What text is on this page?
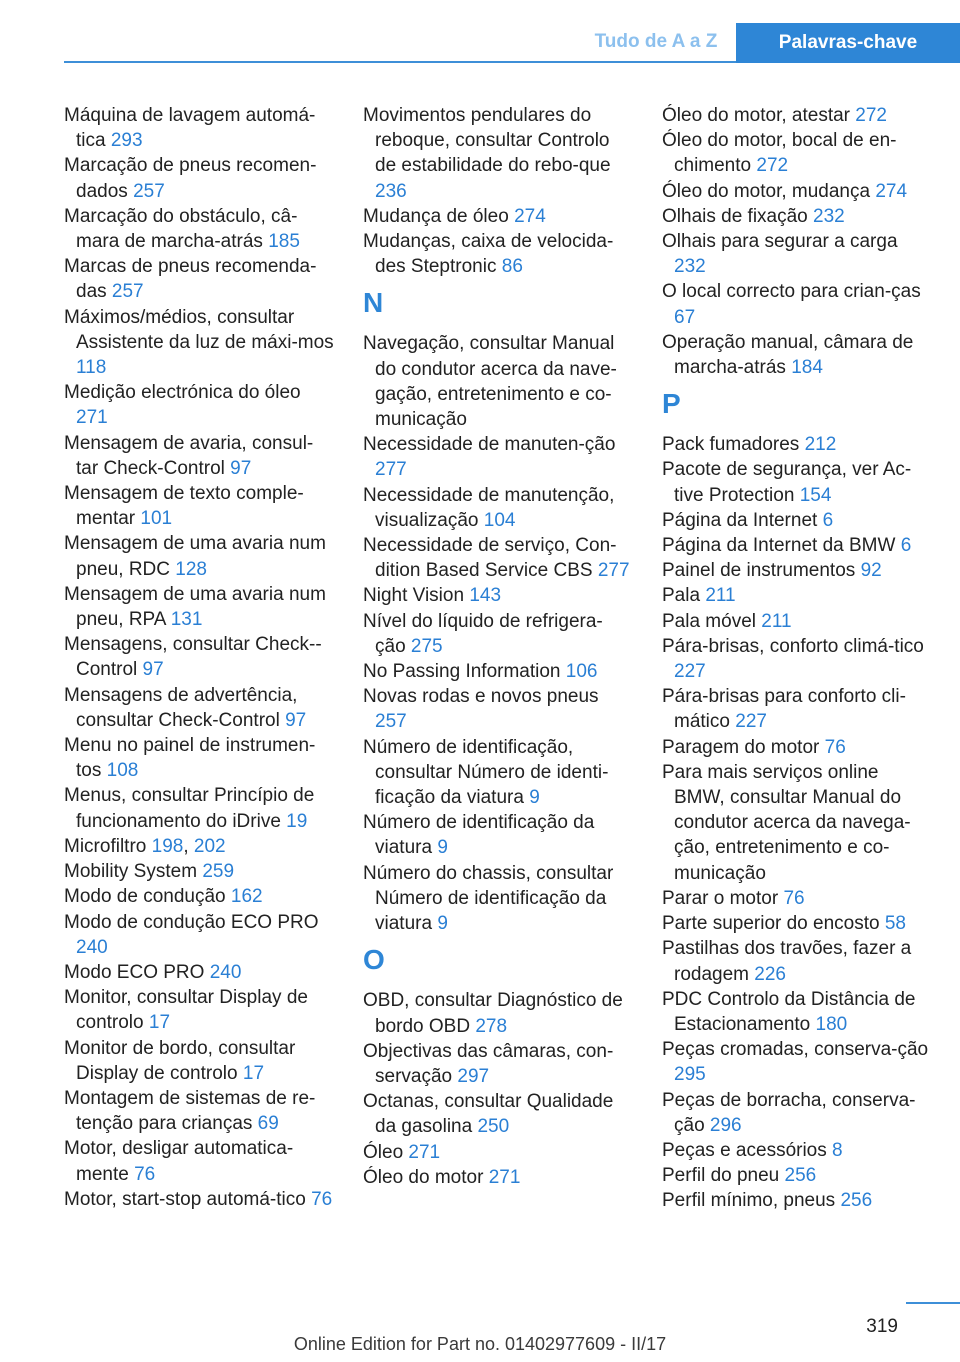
Tudo de A a Z	Palavras-chave
Máquina de lavagem automá-tica 293
Marcação de pneus recomen-dados 257
Marcação do obstáculo, câ-mara de marcha-atrás 185
Marcas de pneus recomenda-das 257
Máximos/médios, consultar Assistente da luz de máxi-mos 118
Medição electrónica do óleo 271
Mensagem de avaria, consul-tar Check-Control 97
Mensagem de texto comple-mentar 101
Mensagem de uma avaria num pneu, RDC 128
Mensagem de uma avaria num pneu, RPA 131
Mensagens, consultar Check--Control 97
Mensagens de advertência, consultar Check-Control 97
Menu no painel de instrumen-tos 108
Menus, consultar Princípio de funcionamento do iDrive 19
Microfiltro 198, 202
Mobility System 259
Modo de condução 162
Modo de condução ECO PRO 240
Modo ECO PRO 240
Monitor, consultar Display de controlo 17
Monitor de bordo, consultar Display de controlo 17
Montagem de sistemas de re-tenção para crianças 69
Motor, desligar automatica-mente 76
Motor, start-stop automá-tico 76
Movimentos pendulares do reboque, consultar Controlo de estabilidade do rebo-que 236
Mudança de óleo 274
Mudanças, caixa de velocida-des Steptronic 86
N
Navegação, consultar Manual do condutor acerca da nave-gação, entretenimento e co-municação
Necessidade de manuten-ção 277
Necessidade de manutenção, visualização 104
Necessidade de serviço, Con-dition Based Service CBS 277
Night Vision 143
Nível do líquido de refrigera-ção 275
No Passing Information 106
Novas rodas e novos pneus 257
Número de identificação, consultar Número de identi-ficação da viatura 9
Número de identificação da viatura 9
Número do chassis, consultar Número de identificação da viatura 9
O
OBD, consultar Diagnóstico de bordo OBD 278
Objectivas das câmaras, con-servação 297
Octanas, consultar Qualidade da gasolina 250
Óleo 271
Óleo do motor 271
Óleo do motor, atestar 272
Óleo do motor, bocal de en-chimento 272
Óleo do motor, mudança 274
Olhais de fixação 232
Olhais para segurar a carga 232
O local correcto para crian-ças 67
Operação manual, câmara de marcha-atrás 184
P
Pack fumadores 212
Pacote de segurança, ver Ac-tive Protection 154
Página da Internet 6
Página da Internet da BMW 6
Painel de instrumentos 92
Pala 211
Pala móvel 211
Pára-brisas, conforto climá-tico 227
Pára-brisas para conforto cli-mático 227
Paragem do motor 76
Para mais serviços online BMW, consultar Manual do condutor acerca da navega-ção, entretenimento e co-municação
Parar o motor 76
Parte superior do encosto 58
Pastilhas dos travões, fazer a rodagem 226
PDC Controlo da Distância de Estacionamento 180
Peças cromadas, conserva-ção 295
Peças de borracha, conserva-ção 296
Peças e acessórios 8
Perfil do pneu 256
Perfil mínimo, pneus 256
319
Online Edition for Part no. 01402977609 - II/17
